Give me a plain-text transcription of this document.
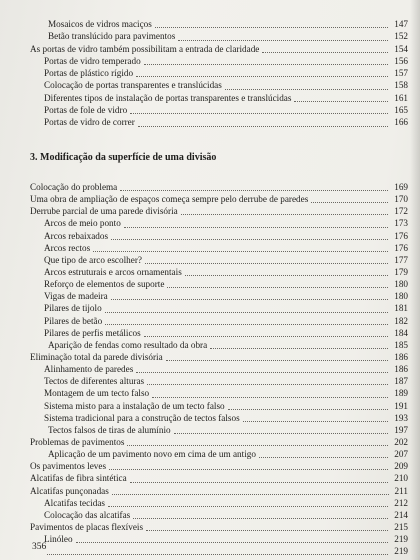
Mosaicos de vidros maciços	147
Betão translúcido para pavimentos	152
As portas de vidro também possibilitam a entrada de claridade	154
Portas de vidro temperado	156
Portas de plástico rígido	157
Colocação de portas transparentes e translúcidas	158
Diferentes tipos de instalação de portas transparentes e translúcidas	161
Portas de fole de vidro	165
Portas de vidro de correr	166
3. Modificação da superfície de uma divisão
Colocação do problema	169
Uma obra de ampliação de espaços começa sempre pelo derrube de paredes	170
Derrube parcial de uma parede divisória	172
Arcos de meio ponto	173
Arcos rebaixados	176
Arcos rectos	176
Que tipo de arco escolher?	177
Arcos estruturais e arcos ornamentais	179
Reforço de elementos de suporte	180
Vigas de madeira	180
Pilares de tijolo	181
Pilares de betão	182
Pilares de perfis metálicos	184
Aparição de fendas como resultado da obra	185
Eliminação total da parede divisória	186
Alinhamento de paredes	186
Tectos de diferentes alturas	187
Montagem de um tecto falso	189
Sistema misto para a instalação de um tecto falso	191
Sistema tradicional para a construção de tectos falsos	193
Tectos falsos de tiras de alumínio	197
Problemas de pavimentos	202
Aplicação de um pavimento novo em cima de um antigo	207
Os pavimentos leves	209
Alcatifas de fibra sintética	210
Alcatifas punçonadas	211
Alcatifas tecidas	212
Colocação das alcatifas	214
Pavimentos de placas flexíveis	215
Linóleo	219
219
356
